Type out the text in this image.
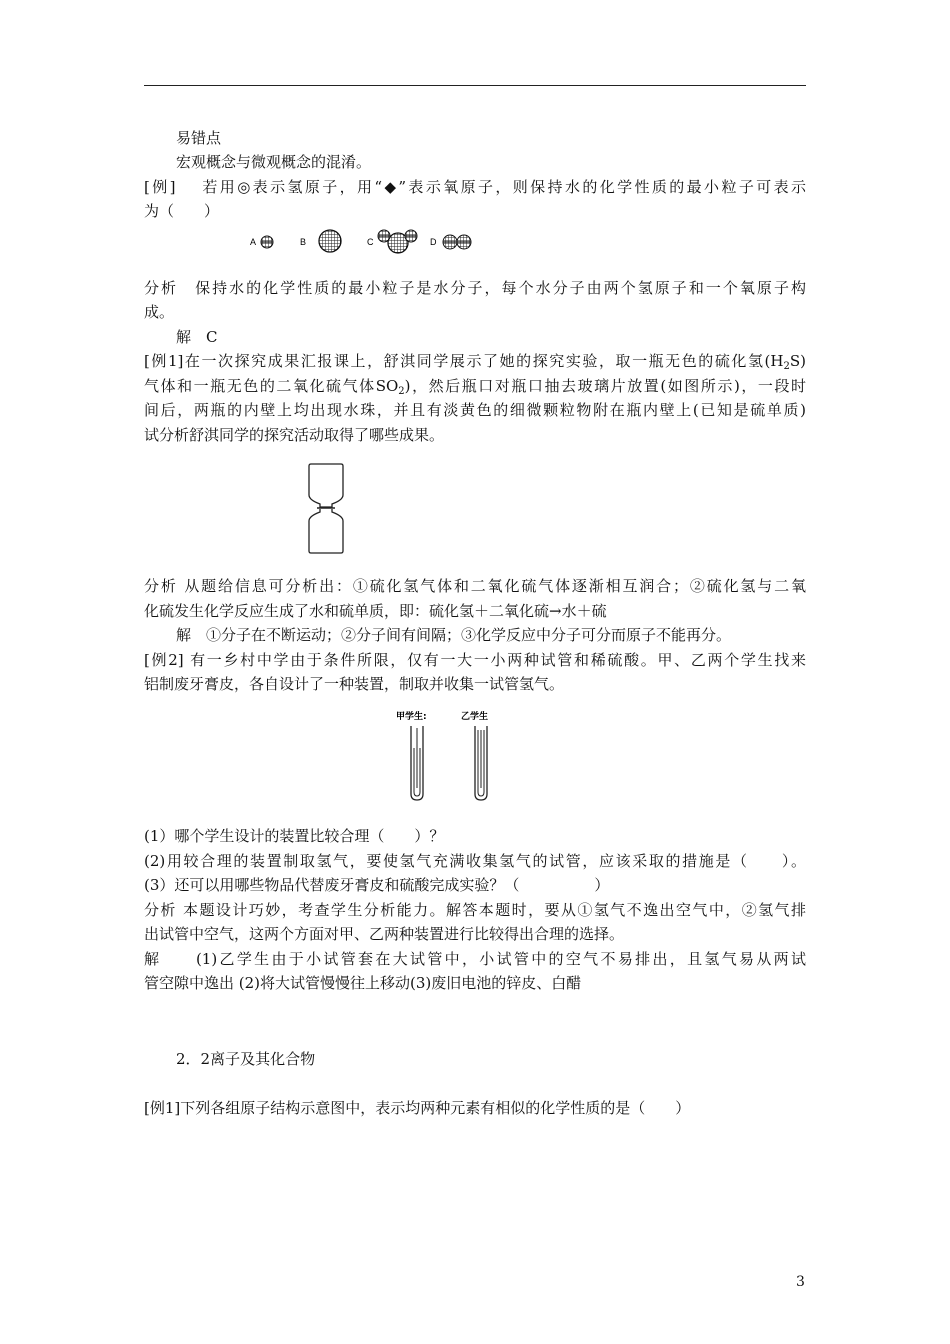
易错点
宏观概念与微观概念的混淆。
[例]　 若用◎表示氢原子，用“◆”表示氧原子，则保持水的化学性质的最小粒子可表示
为（　　）
A	B	C	D
分析　保持水的化学性质的最小粒子是水分子，每个水分子由两个氢原子和一个氧原子构
成。
解　C
[例1]在一次探究成果汇报课上，舒淇同学展示了她的探究实验，取一瓶无色的硫化氢$(H_2S)$
气体和一瓶无色的二氧化硫气体$SO_2$)，然后瓶口对瓶口抽去玻璃片放置(如图所示)，一段时
间后，两瓶的内壁上均出现水珠，并且有淡黄色的细微颗粒物附在瓶内壁上(已知是硫单质)
试分析舒淇同学的探究活动取得了哪些成果。
分析 从题给信息可分析出：①硫化氢气体和二氧化硫气体逐渐相互润合；②硫化氢与二氧
化硫发生化学反应生成了水和硫单质，即：硫化氢＋二氧化硫→水＋硫
解　①分子在不断运动；②分子间有间隔；③化学反应中分子可分而原子不能再分。
[例2] 有一乡村中学由于条件所限，仅有一大一小两种试管和稀硫酸。甲、乙两个学生找来
铝制废牙膏皮，各自设计了一种装置，制取并收集一试管氢气。
甲学生:	乙学生
(1）哪个学生设计的装置比较合理（　　）？
(2)用较合理的装置制取氢气，要使氢气充满收集氢气的试管，应该采取的措施是（　　）。
(3）还可以用哪些物品代替废牙膏皮和硫酸完成实验？（　　　　　）
分析 本题设计巧妙，考查学生分析能力。解答本题时，要从①氢气不逸出空气中，②氢气排
出试管中空气，这两个方面对甲、乙两种装置进行比较得出合理的选择。
解　　(1)乙学生由于小试管套在大试管中，小试管中的空气不易排出，且氢气易从两试
管空隙中逸出 (2)将大试管慢慢往上移动(3)废旧电池的锌皮、白醋
2．2离子及其化合物
[例1]下列各组原子结构示意图中，表示均两种元素有相似的化学性质的是（　　）
3
